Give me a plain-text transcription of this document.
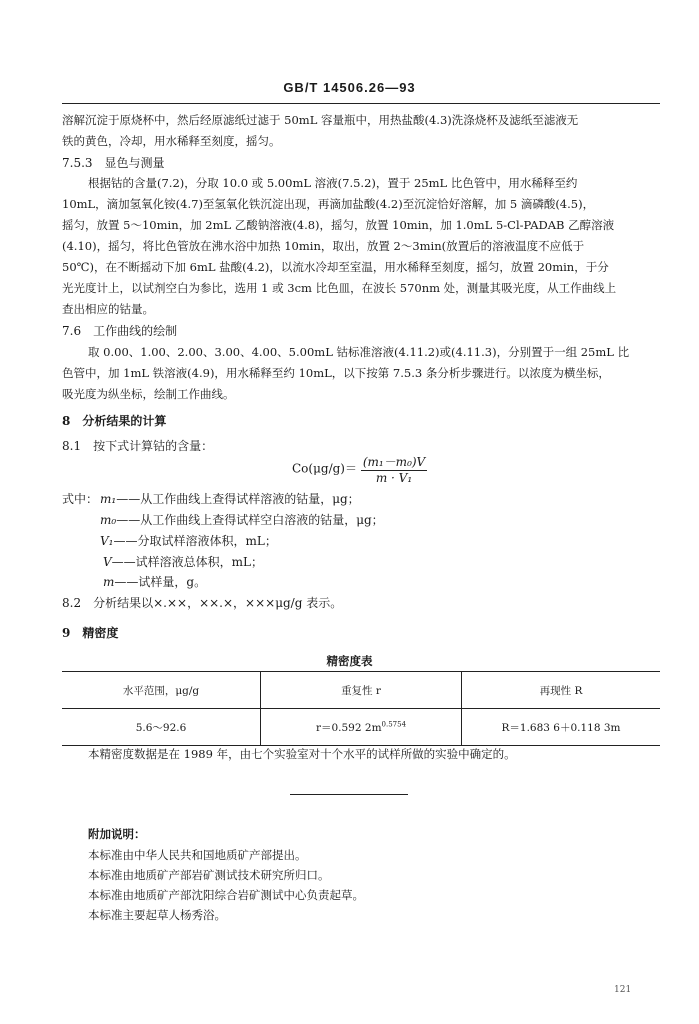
GB/T 14506.26—93
溶解沉淀于原烧杯中，然后经原滤纸过滤于 50mL 容量瓶中，用热盐酸(4.3)洗涤烧杯及滤纸至滤液无
铁的黄色，冷却，用水稀释至刻度，摇匀。
7.5.3　显色与测量
根据钴的含量(7.2)，分取 10.0 或 5.00mL 溶液(7.5.2)，置于 25mL 比色管中，用水稀释至约
10mL，滴加氢氧化铵(4.7)至氢氧化铁沉淀出现，再滴加盐酸(4.2)至沉淀恰好溶解，加 5 滴磷酸(4.5)，
摇匀，放置 5～10min，加 2mL 乙酸钠溶液(4.8)，摇匀，放置 10min，加 1.0mL 5-Cl-PADAB 乙醇溶液
(4.10)，摇匀，将比色管放在沸水浴中加热 10min，取出，放置 2～3min(放置后的溶液温度不应低于
50℃)，在不断摇动下加 6mL 盐酸(4.2)，以流水冷却至室温，用水稀释至刻度，摇匀，放置 20min，于分
光光度计上，以试剂空白为参比，选用 1 或 3cm 比色皿，在波长 570nm 处，测量其吸光度，从工作曲线上
查出相应的钴量。
7.6　工作曲线的绘制
取 0.00、1.00、2.00、3.00、4.00、5.00mL 钴标准溶液(4.11.2)或(4.11.3)，分别置于一组 25mL 比
色管中，加 1mL 铁溶液(4.9)，用水稀释至约 10mL，以下按第 7.5.3 条分析步骤进行。以浓度为横坐标，
吸光度为纵坐标，绘制工作曲线。
8　分析结果的计算
8.1　按下式计算钴的含量：
$Co(\mu g/g)= \frac{\text{(m₁－m₀)V}}{\text{m · V₁}}$
式中： m₁——从工作曲线上查得试样溶液的钴量，μg；
m₀——从工作曲线上查得试样空白溶液的钴量，μg；
V₁——分取试样溶液体积，mL；
V——试样溶液总体积，mL；
m——试样量，g。
8.2　分析结果以×.××，××.×，×××μg/g 表示。
9　精密度
精密度表
水平范围，μg/g	重复性 r	再现性 R
5.6～92.6	r＝0.592 $2m^{0.5754}$	R＝1.683 6＋0.118 3m
本精密度数据是在 1989 年，由七个实验室对十个水平的试样所做的实验中确定的。
附加说明：
本标准由中华人民共和国地质矿产部提出。
本标准由地质矿产部岩矿测试技术研究所归口。
本标准由地质矿产部沈阳综合岩矿测试中心负责起草。
本标准主要起草人杨秀浴。
121
